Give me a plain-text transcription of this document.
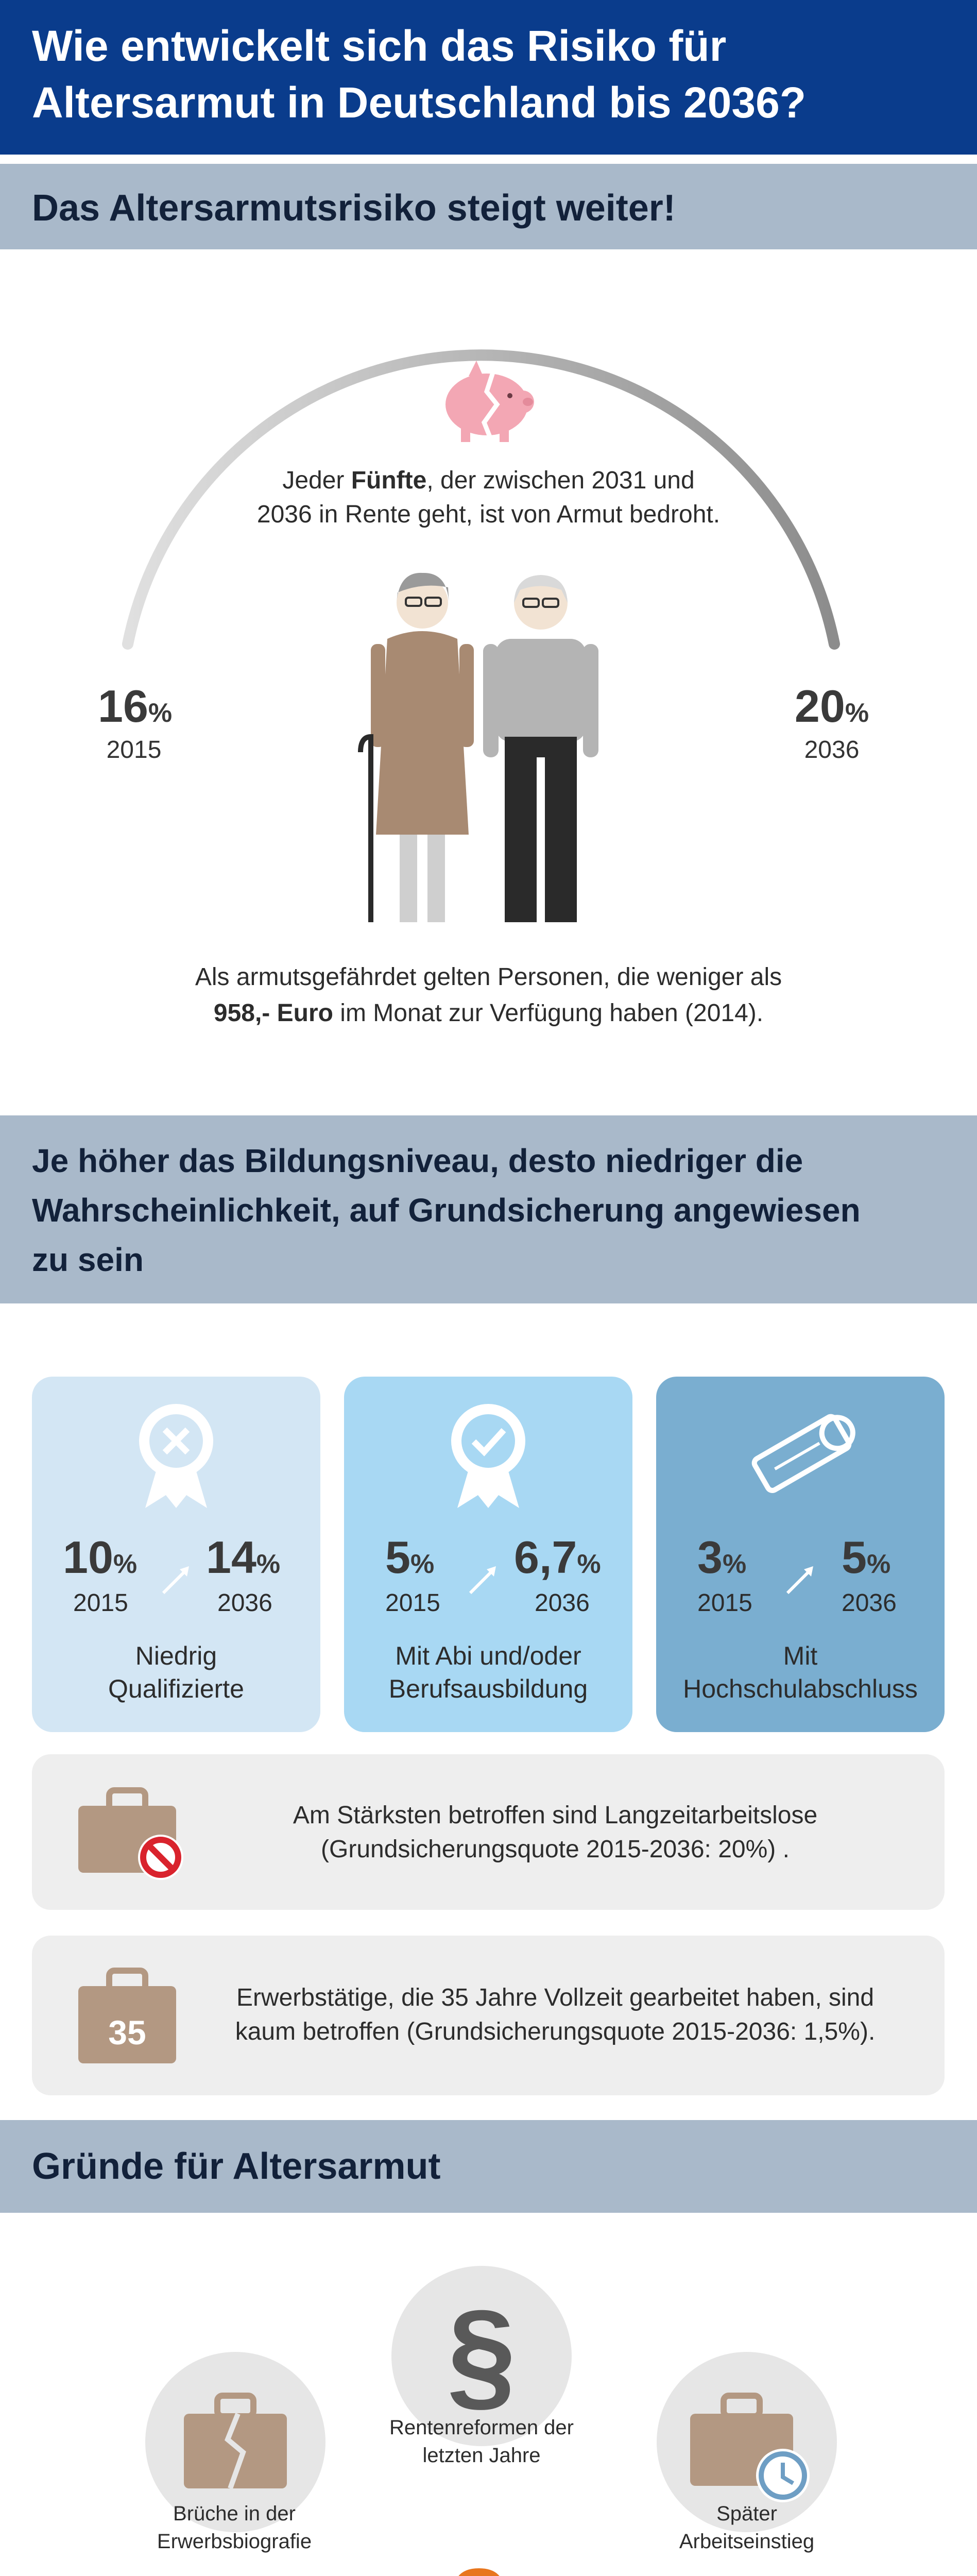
Wie entwickelt sich das Risiko für
Altersarmut in Deutschland bis 2036?
Das Altersarmutsrisiko steigt weiter!
Jeder Fünfte, der zwischen 2031 und
2036 in Rente geht, ist von Armut bedroht.
16%
2015
20%
2036
Als armutsgefährdet gelten Personen, die weniger als
958,- Euro im Monat zur Verfügung haben (2014).
Je höher das Bildungsniveau, desto niedriger die
Wahrscheinlichkeit, auf Grundsicherung angewiesen
zu sein
10% 14%
2015	2036
Niedrig
Qualifizierte
5% 6,7%
2015	2036
Mit Abi und/oder
Berufsausbildung
3% 5%
2015	2036
Mit
Hochschulabschluss
Am Stärksten betroffen sind Langzeitarbeitslose
(Grundsicherungsquote 2015-2036: 20%) .
35
Erwerbstätige, die 35 Jahre Vollzeit gearbeitet haben, sind
kaum betroffen (Grundsicherungsquote 2015-2036: 1,5%).
Gründe für Altersarmut
§
Rentenreformen der
letzten Jahre
Brüche in der
Erwerbsbiografie
Später
Arbeitseinstieg
